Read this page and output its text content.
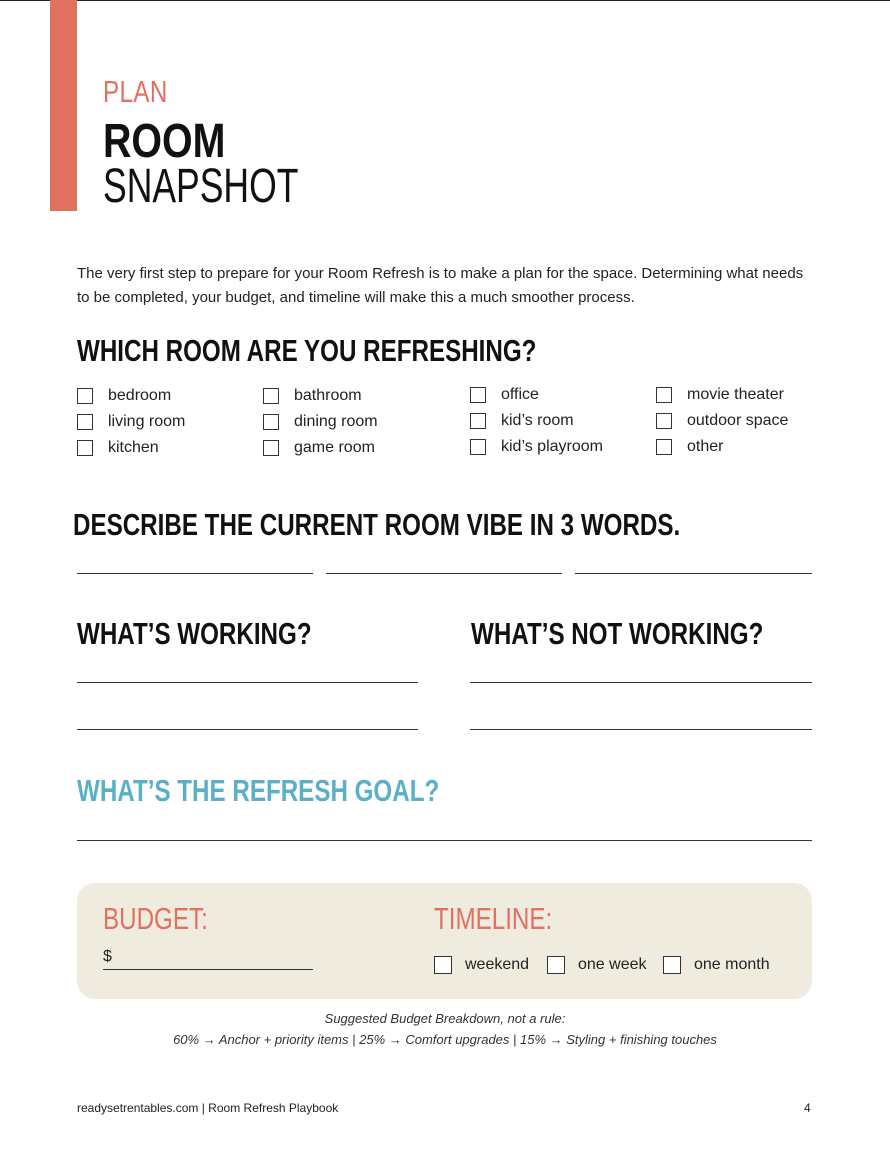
PLAN
ROOM
SNAPSHOT
The very first step to prepare for your Room Refresh is to make a plan for the space. Determining what needs to be completed, your budget, and timeline will make this a much smoother process.
WHICH ROOM ARE YOU REFRESHING?
bedroom
living room
kitchen
bathroom
dining room
game room
office
kid’s room
kid’s playroom
movie theater
outdoor space
other
DESCRIBE THE CURRENT ROOM VIBE IN 3 WORDS.
WHAT’S WORKING?	WHAT’S NOT WORKING?
WHAT’S THE REFRESH GOAL?
BUDGET:
$
TIMELINE:
weekend	one week	one month
Suggested Budget Breakdown, not a rule:
60% → Anchor + priority items | 25% → Comfort upgrades | 15% → Styling + finishing touches
readysetrentables.com | Room Refresh Playbook	4
